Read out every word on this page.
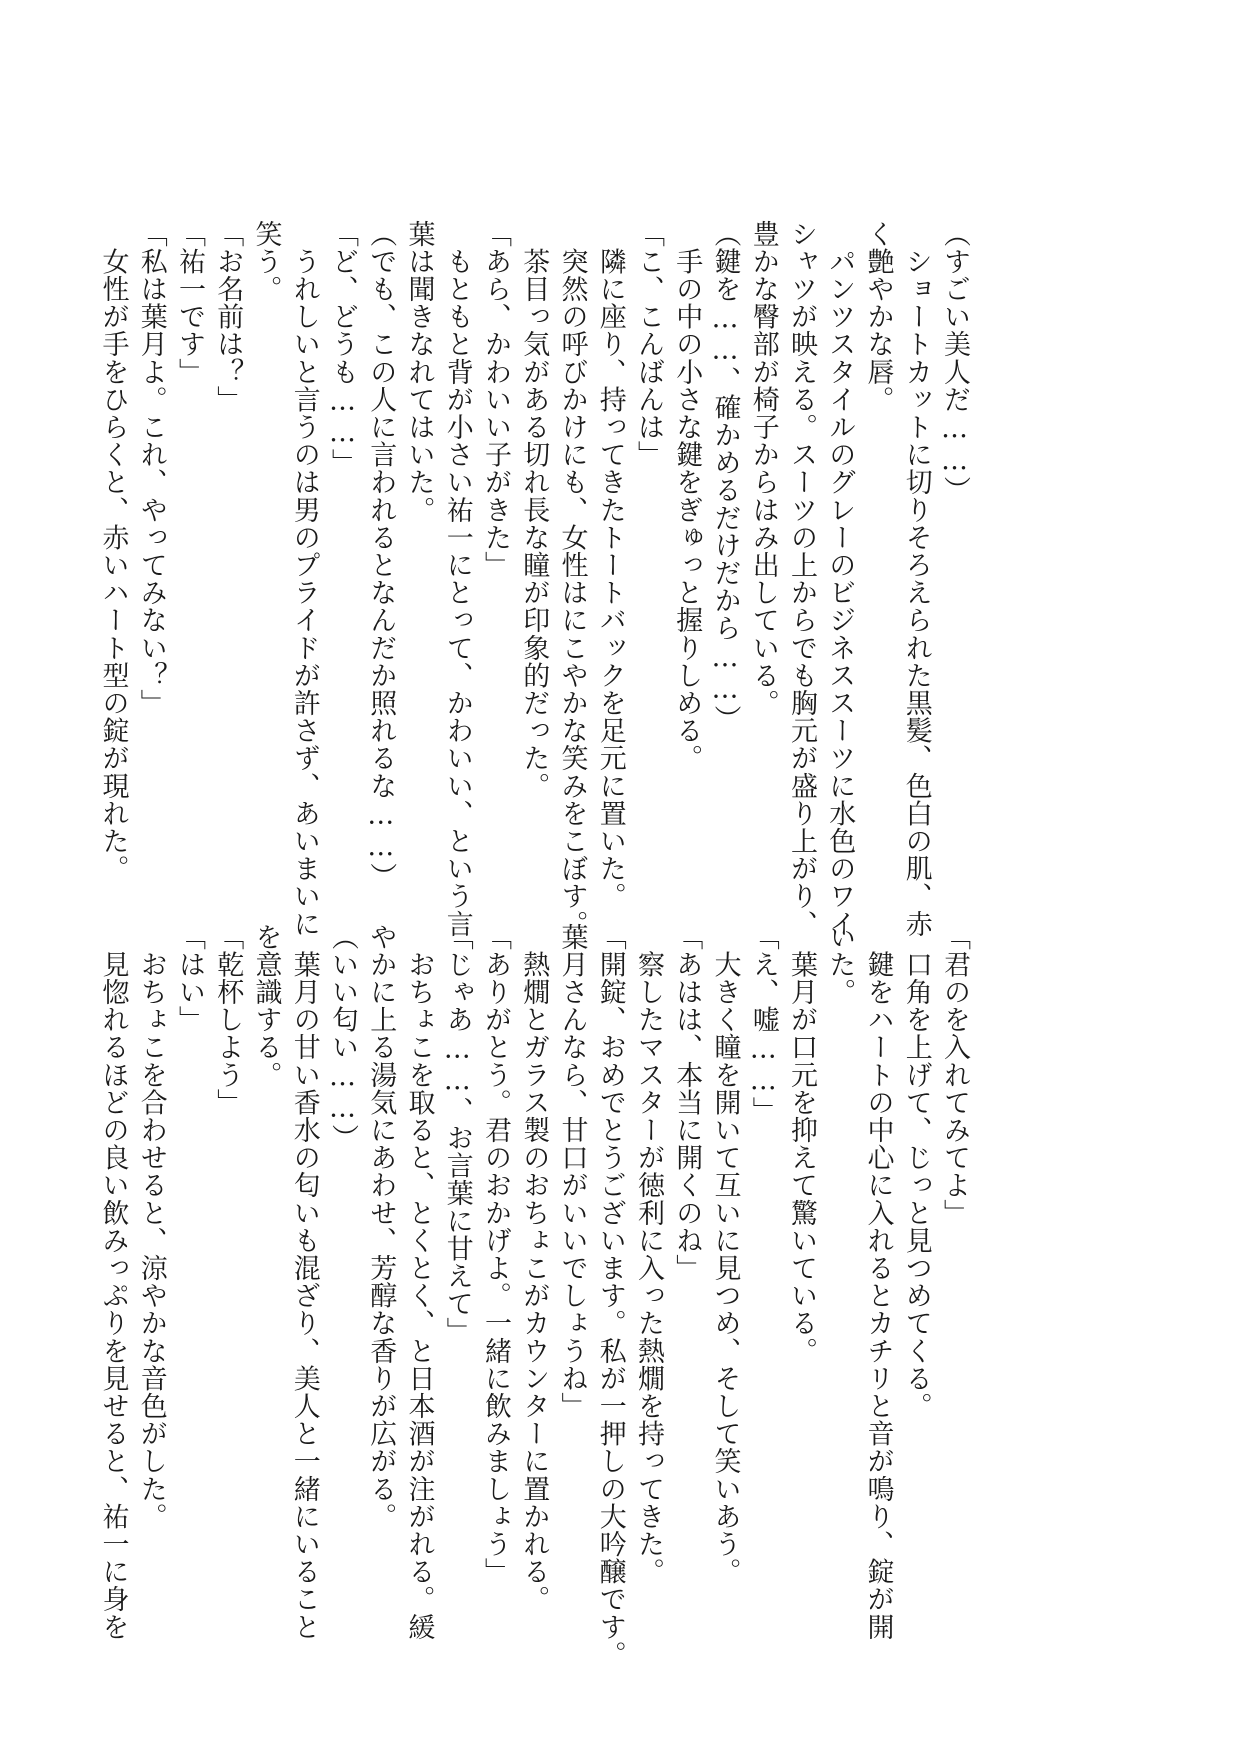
（すごい美人だ……）
　ショートカットに切りそろえられた黒髪、色白の肌、赤
く艶やかな唇。
　パンツスタイルのグレーのビジネススーツに水色のワイ
シャツが映える。スーツの上からでも胸元が盛り上がり、
豊かな臀部が椅子からはみ出している。
（鍵を……、確かめるだけだから……）
　手の中の小さな鍵をぎゅっと握りしめる。
「こ、こんばんは」
　隣に座り、持ってきたトートバックを足元に置いた。
　突然の呼びかけにも、女性はにこやかな笑みをこぼす。
　茶目っ気がある切れ長な瞳が印象的だった。
「あら、かわいい子がきた」
　もともと背が小さい祐一にとって、かわいい、という言
葉は聞きなれてはいた。
（でも、この人に言われるとなんだか照れるな……）
「ど、どうも……」
　うれしいと言うのは男のプライドが許さず、あいまいに
笑う。
「お名前は？」
「祐一です」
「私は葉月よ。これ、やってみない？」
　女性が手をひらくと、赤いハート型の錠が現れた。
「君のを入れてみてよ」
　口角を上げて、じっと見つめてくる。
　鍵をハートの中心に入れるとカチリと音が鳴り、錠が開
いた。
　葉月が口元を抑えて驚いている。
「え、嘘……」
　大きく瞳を開いて互いに見つめ、そして笑いあう。
「あはは、本当に開くのね」
　察したマスターが徳利に入った熱燗を持ってきた。
「開錠、おめでとうございます。私が一押しの大吟醸です。
葉月さんなら、甘口がいいでしょうね」
　熱燗とガラス製のおちょこがカウンターに置かれる。
「ありがとう。君のおかげよ。一緒に飲みましょう」
「じゃあ……、お言葉に甘えて」
　おちょこを取ると、とくとく、と日本酒が注がれる。緩
やかに上る湯気にあわせ、芳醇な香りが広がる。
（いい匂い……）
　葉月の甘い香水の匂いも混ざり、美人と一緒にいること
を意識する。
「乾杯しよう」
「はい」
　おちょこを合わせると、涼やかな音色がした。
　見惚れるほどの良い飲みっぷりを見せると、祐一に身を
